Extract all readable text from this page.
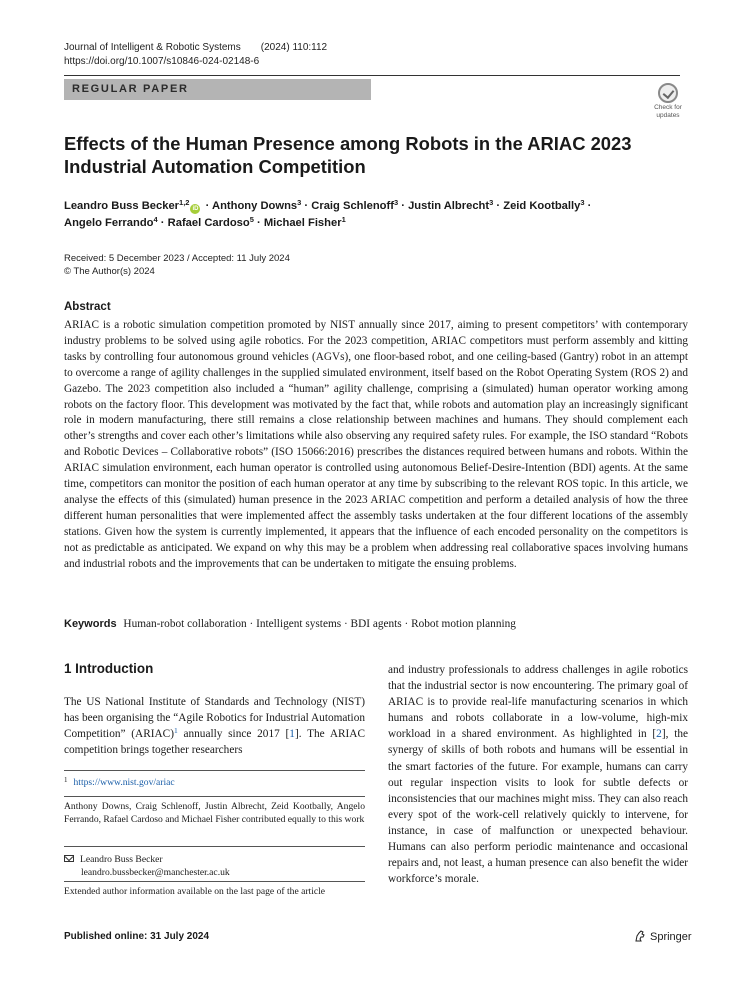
Journal of Intelligent & Robotic Systems (2024) 110:112
https://doi.org/10.1007/s10846-024-02148-6
REGULAR PAPER
Check for
updates
Effects of the Human Presence among Robots in the ARIAC 2023 Industrial Automation Competition
Leandro Buss Becker$^{1,2}$iD · Anthony Downs$^3$ · Craig Schlenoff$^3$ · Justin Albrecht$^3$ · Zeid Kootbally$^3$ ·
Angelo Ferrando$^4$ · Rafael Cardoso$^5$ · Michael Fisher$^1$
Received: 5 December 2023 / Accepted: 11 July 2024
© The Author(s) 2024
Abstract
ARIAC is a robotic simulation competition promoted by NIST annually since 2017, aiming to present competitors’ with contemporary industry problems to be solved using agile robotics. For the 2023 competition, ARIAC competitors must perform assembly and kitting tasks by controlling four autonomous ground vehicles (AGVs), one floor-based robot, and one ceiling-based (Gantry) robot in an attempt to overcome a range of agility challenges in the supplied simulated environment, itself based on the Robot Operating System (ROS 2) and Gazebo. The 2023 competition also included a “human” agility challenge, comprising a (simulated) human operator working among robots on the factory floor. This development was motivated by the fact that, while robots and automation play an increasingly significant role in modern manufacturing, there still remains a close relationship between machines and humans. They should complement each other’s strengths and cover each other’s limitations while also observing any required safety rules. For example, the ISO standard “Robots and Robotic Devices – Collaborative robots” (ISO 15066:2016) prescribes the distances required between humans and robots. Within the ARIAC simulation environment, each human operator is controlled using autonomous Belief-Desire-Intention (BDI) agents. At the same time, competitors can monitor the position of each human operator at any time by subscribing to the relevant ROS topic. In this article, we analyse the effects of this (simulated) human presence in the 2023 ARIAC competition and perform a detailed analysis of how the three different human personalities that were implemented affect the assembly tasks undertaken at the four different locations of the assembly stations. Given how the system is currently implemented, it appears that the influence of each encoded personality on the competitors is not as predictable as anticipated. We expand on why this may be a problem when addressing real collaborative spaces involving humans and industrial robots and the improvements that can be undertaken to mitigate the ensuing problems.
Keywords Human-robot collaboration · Intelligent systems · BDI agents · Robot motion planning
1 Introduction
The US National Institute of Standards and Technology (NIST) has been organising the “Agile Robotics for Industrial Automation Competition” (ARIAC)$^1$ annually since 2017 [1]. The ARIAC competition brings together researchers
$^1$ https://www.nist.gov/ariac
Anthony Downs, Craig Schlenoff, Justin Albrecht, Zeid Kootbally, Angelo Ferrando, Rafael Cardoso and Michael Fisher contributed equally to this work
Leandro Buss Becker
leandro.bussbecker@manchester.ac.uk
Extended author information available on the last page of the article
and industry professionals to address challenges in agile robotics that the industrial sector is now encountering. The primary goal of ARIAC is to provide real-life manufacturing scenarios in which humans and robots collaborate in a low-volume, high-mix workload in a shared environment. As highlighted in [2], the synergy of skills of both robots and humans will be essential in the smart factories of the future. For example, humans can carry out regular inspection visits to look for subtle defects or inconsistencies that our machines might miss. They can also reach every spot of the work-cell relatively quickly to intervene, for instance, in case of malfunction or unexpected behaviour. Humans can also perform periodic maintenance and occasional repairs and, not least, a human presence can also benefit the wider workforce’s morale.
Published online: 31 July 2024	Springer
